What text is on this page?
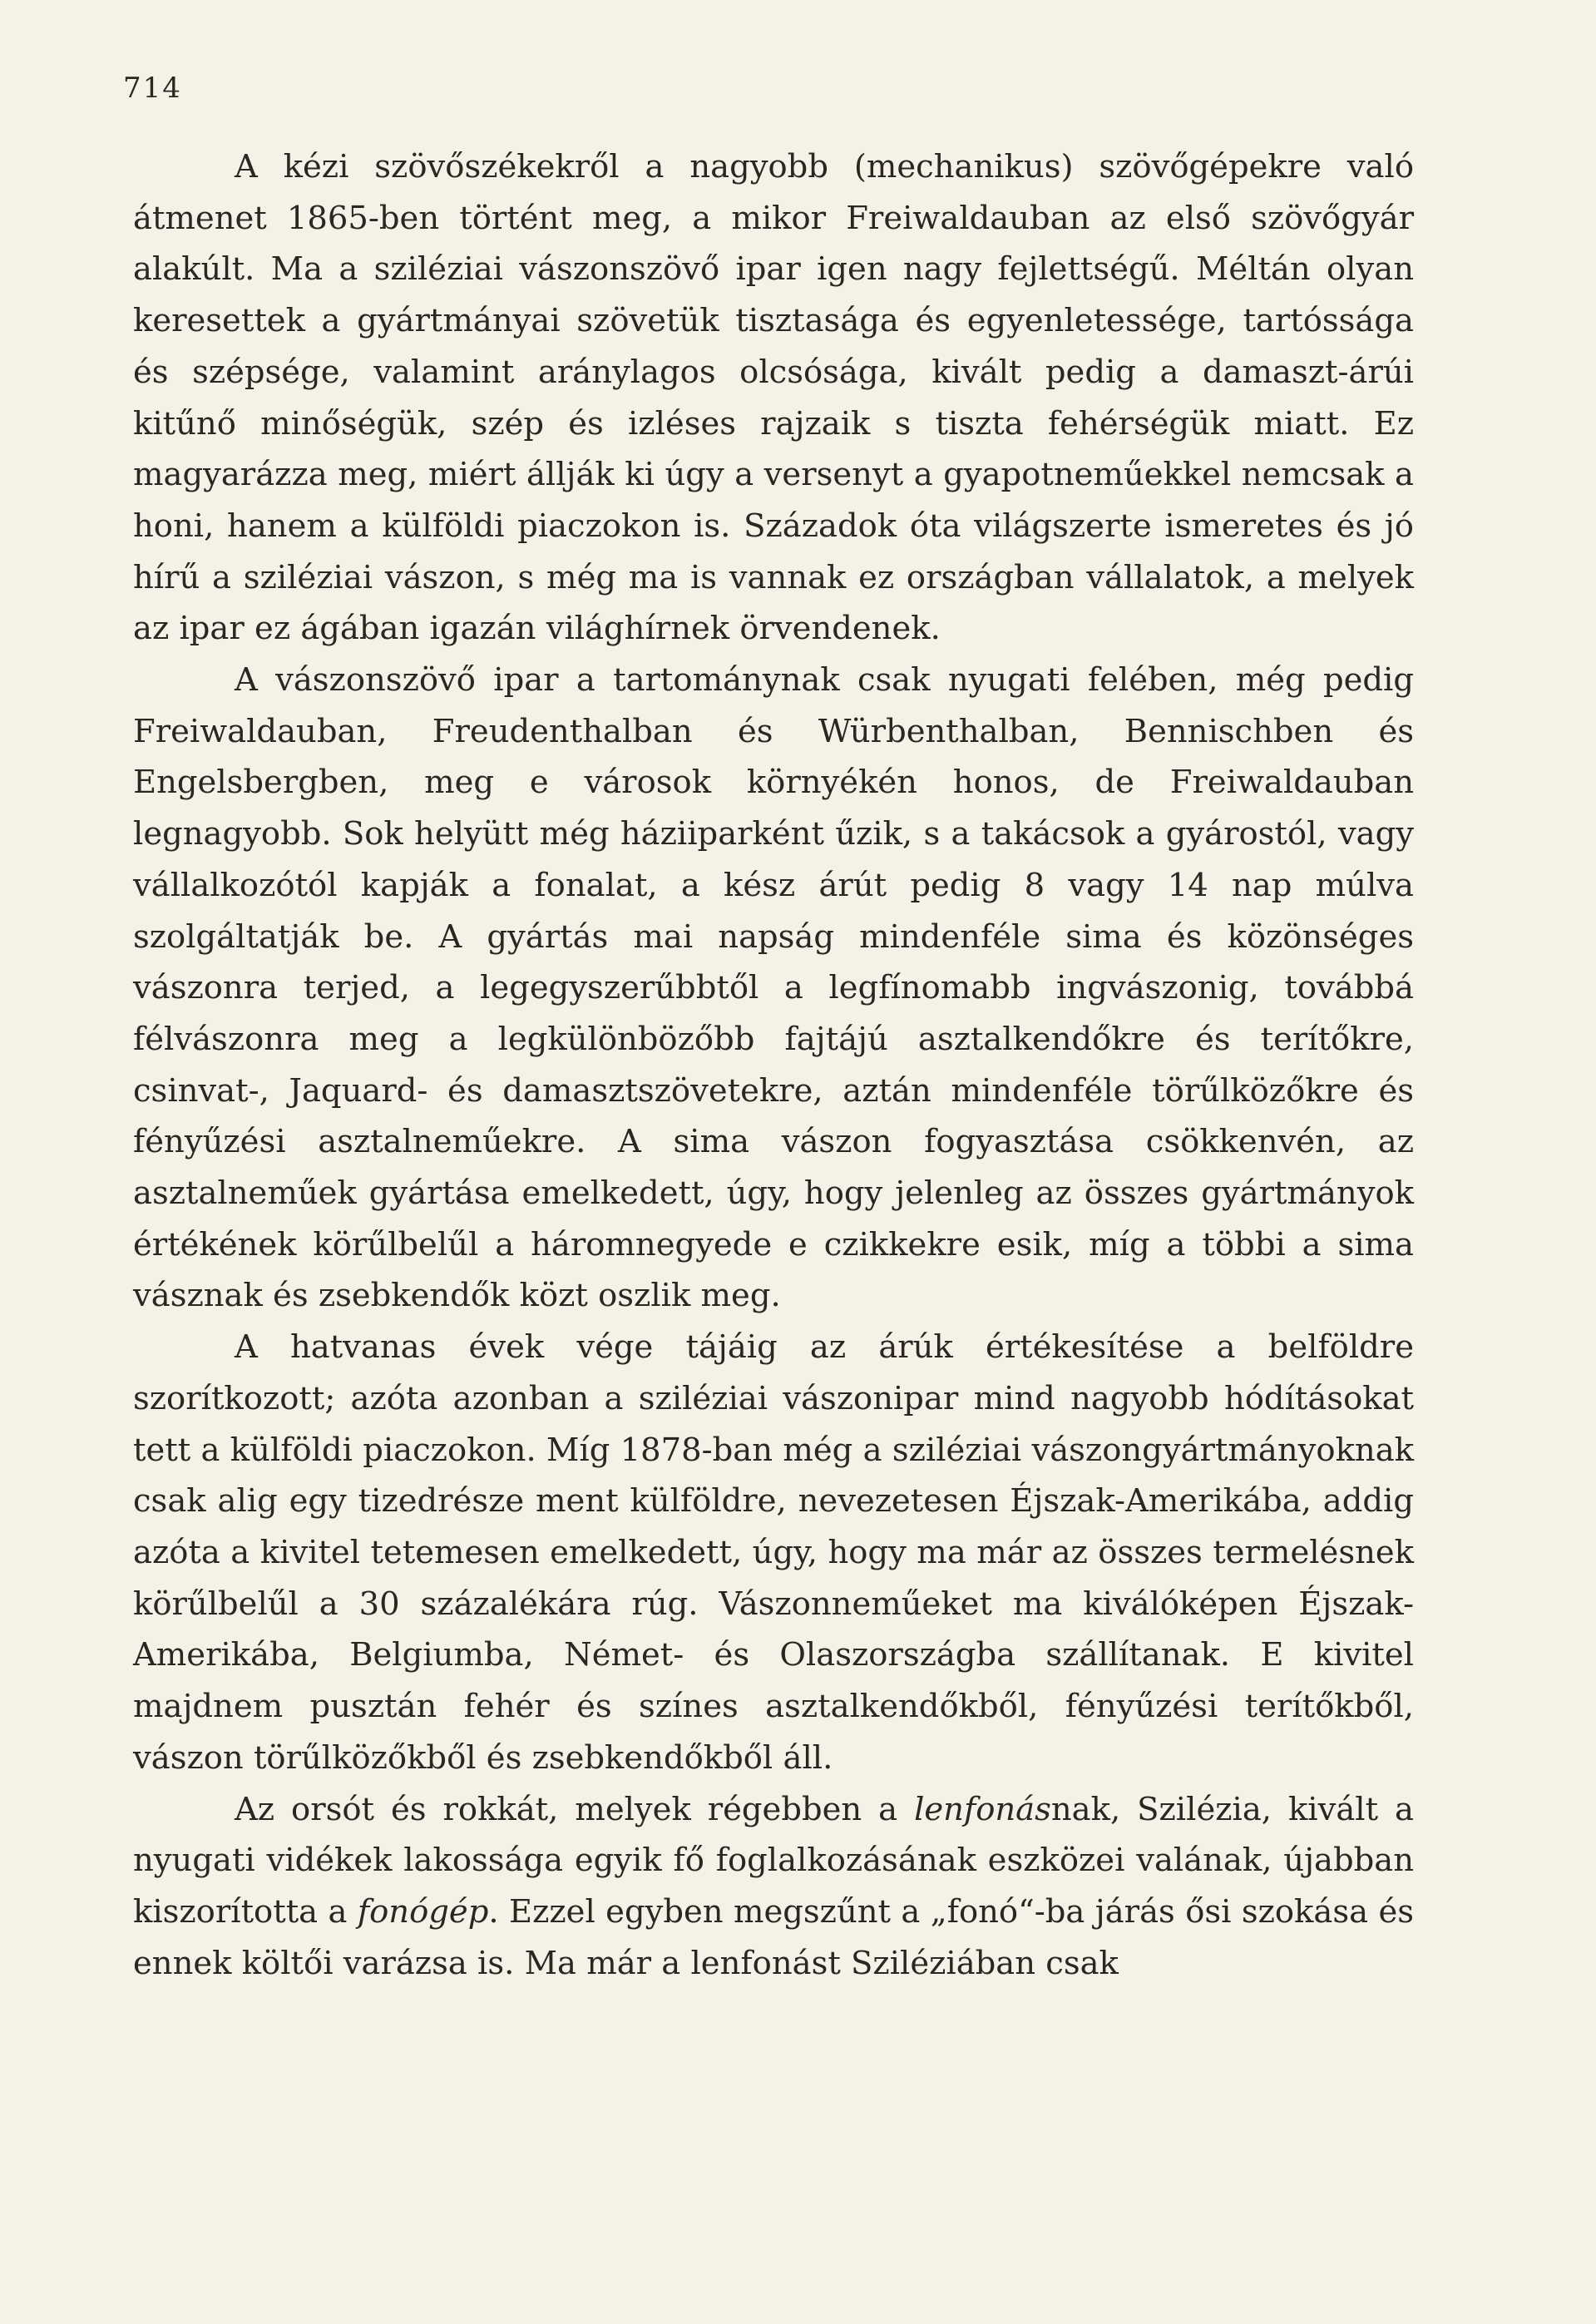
714

A kézi szövőszékekről a nagyobb (mechanikus) szövőgépekre való átmenet 1865-ben történt meg, a mikor Freiwaldauban az első szövőgyár alakúlt. Ma a sziléziai vászonszövő ipar igen nagy fejlettségű. Méltán olyan keresettek a gyártmányai szövetük tisztasága és egyenletessége, tartóssága és szépsége, valamint aránylagos olcsósága, kivált pedig a damaszt-árúi kitűnő minőségük, szép és izléses rajzaik s tiszta fehérségük miatt. Ez magyarázza meg, miért állják ki úgy a versenyt a gyapotneműekkel nemcsak a honi, hanem a külföldi piaczokon is. Századok óta világszerte ismeretes és jó hírű a sziléziai vászon, s még ma is vannak ez országban vállalatok, a melyek az ipar ez ágában igazán világhírnek örvendenek.

A vászonszövő ipar a tartománynak csak nyugati felében, még pedig Freiwaldauban, Freudenthalban és Würbenthalban, Bennischben és Engelsbergben, meg e városok környékén honos, de Freiwaldauban legnagyobb. Sok helyütt még háziiparként űzik, s a takácsok a gyárostól, vagy vállalkozótól kapják a fonalat, a kész árút pedig 8 vagy 14 nap múlva szolgáltatják be. A gyártás mai napság mindenféle sima és közönséges vászonra terjed, a legegyszerűbbtől a legfínomabb ingvászonig, továbbá félvászonra meg a legkülönbözőbb fajtájú asztalkendőkre és terítőkre, csinvat-, Jaquard- és damasztszövetekre, aztán mindenféle törűlközőkre és fényűzési asztalneműekre. A sima vászon fogyasztása csökkenvén, az asztalneműek gyártása emelkedett, úgy, hogy jelenleg az összes gyártmányok értékének körűlbelűl a háromnegyede e czikkekre esik, míg a többi a sima vásznak és zsebkendők közt oszlik meg.

A hatvanas évek vége tájáig az árúk értékesítése a belföldre szorítkozott; azóta azonban a sziléziai vászonipar mind nagyobb hódításokat tett a külföldi piaczokon. Míg 1878-ban még a sziléziai vászongyártmányoknak csak alig egy tizedrésze ment külföldre, nevezetesen Éjszak-Amerikába, addig azóta a kivitel tetemesen emelkedett, úgy, hogy ma már az összes termelésnek körűlbelűl a 30 százalékára rúg. Vászonneműeket ma kiválóképen Éjszak-Amerikába, Belgiumba, Német- és Olaszországba szállítanak. E kivitel majdnem pusztán fehér és színes asztalkendőkből, fényűzési terítőkből, vászon törűlközőkből és zsebkendőkből áll.

Az orsót és rokkát, melyek régebben a lenfonásnak, Szilézia, kivált a nyugati vidékek lakossága egyik fő foglalkozásának eszközei valának, újabban kiszorította a fonógép. Ezzel egyben megszűnt a „fonó“-ba járás ősi szokása és ennek költői varázsa is. Ma már a lenfonást Sziléziában csak
